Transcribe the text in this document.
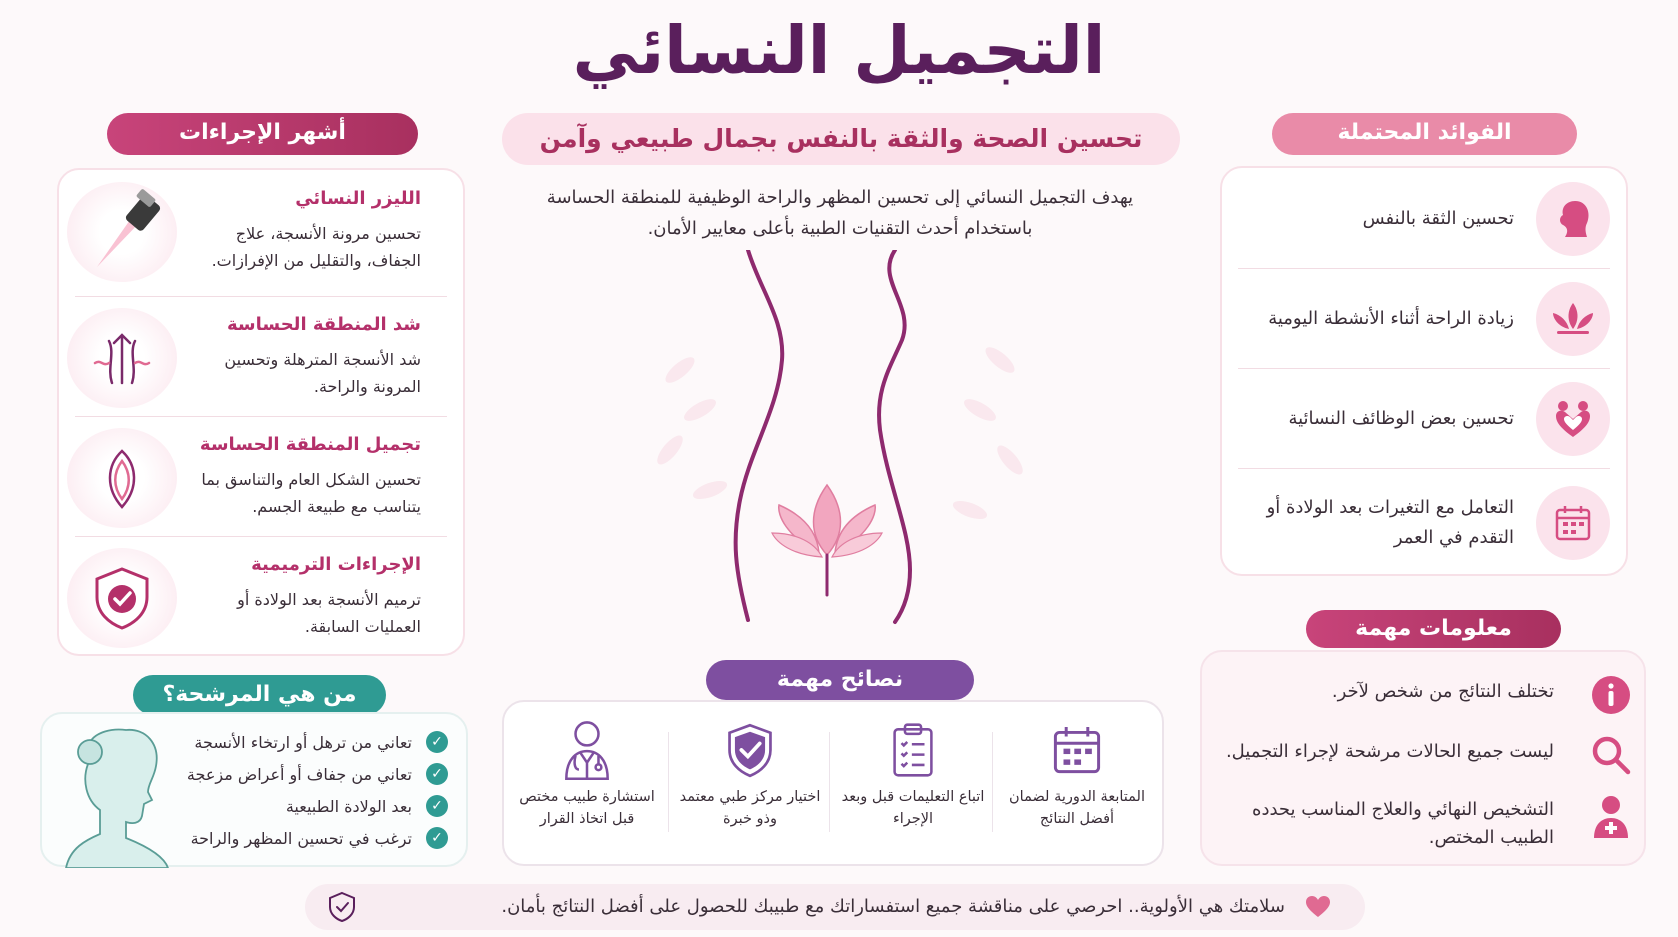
التجميل النسائي
تحسين الصحة والثقة بالنفس بجمال طبيعي وآمن
يهدف التجميل النسائي إلى تحسين المظهر والراحة الوظيفية للمنطقة الحساسة
باستخدام أحدث التقنيات الطبية بأعلى معايير الأمان.
أشهر الإجراءات
الليزر النسائي
تحسين مرونة الأنسجة، علاج الجفاف، والتقليل من الإفرازات.
شد المنطقة الحساسة
شد الأنسجة المترهلة وتحسين المرونة والراحة.
تجميل المنطقة الحساسة
تحسين الشكل العام والتناسق بما يتناسب مع طبيعة الجسم.
الإجراءات الترميمية
ترميم الأنسجة بعد الولادة أو العمليات السابقة.
من هي المرشحة؟
✓
تعاني من ترهل أو ارتخاء الأنسجة
✓
تعاني من جفاف أو أعراض مزعجة
✓
بعد الولادة الطبيعية
✓
ترغب في تحسين المظهر والراحة
الفوائد المحتملة
تحسين الثقة بالنفس
زيادة الراحة أثناء الأنشطة اليومية
تحسين بعض الوظائف النسائية
التعامل مع التغيرات بعد الولادة أو التقدم في العمر
معلومات مهمة
تختلف النتائج من شخص لآخر.
ليست جميع الحالات مرشحة لإجراء التجميل.
التشخيص النهائي والعلاج المناسب يحدده الطبيب المختص.
نصائح مهمة
المتابعة الدورية لضمان أفضل النتائج
اتباع التعليمات قبل وبعد الإجراء
اختيار مركز طبي معتمد وذو خبرة
استشارة طبيب مختص قبل اتخاذ القرار
سلامتك هي الأولوية.. احرصي على مناقشة جميع استفساراتك مع طبيبك للحصول على أفضل النتائج بأمان.
